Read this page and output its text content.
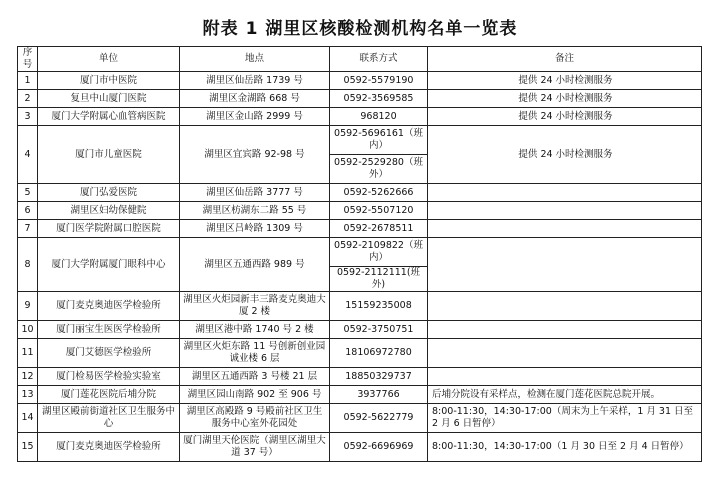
附表 1 湖里区核酸检测机构名单一览表
序号	单位	地点	联系方式	备注
1	厦门市中医院	湖里区仙岳路 1739 号	0592-5579190	提供 24 小时检测服务
2	复旦中山厦门医院	湖里区金湖路 668 号	0592-3569585	提供 24 小时检测服务
3	厦门大学附属心血管病医院	湖里区金山路 2999 号	968120	提供 24 小时检测服务
4	厦门市儿童医院	湖里区宜宾路 92-98 号	0592-5696161（班内）	提供 24 小时检测服务
			0592-2529280（班外）	
5	厦门弘爱医院	湖里区仙岳路 3777 号	0592-5262666	
6	湖里区妇幼保健院	湖里区枋湖东二路 55 号	0592-5507120	
7	厦门医学院附属口腔医院	湖里区吕岭路 1309 号	0592-2678511	
8	厦门大学附属厦门眼科中心	湖里区五通西路 989 号	0592-2109822（班内）	
			0592-2112111(班外)	
9	厦门麦克奥迪医学检验所	湖里区火炬园新丰三路麦克奥迪大厦 2 楼	15159235008	
10	厦门丽宝生医医学检验所	湖里区港中路 1740 号 2 楼	0592-3750751	
11	厦门艾德医学检验所	湖里区火炬东路 11 号创新创业园诚业楼 6 层	18106972780	
12	厦门检易医学检验实验室	湖里区五通西路 3 号楼 21 层	18850329737	
13	厦门莲花医院后埔分院	湖里区园山南路 902 至 906 号	3937766	后埔分院设有采样点，检测在厦门莲花医院总院开展。
14	湖里区殿前街道社区卫生服务中心	湖里区高殿路 9 号殿前社区卫生服务中心室外花园处	0592-5622779	8:00-11:30，14:30-17:00（周末为上午采样，1 月 31 日至 2 月 6 日暂停）
15	厦门麦克奥迪医学检验所	厦门湖里天伦医院（湖里区湖里大道 37 号）	0592-6696969	8:00-11:30，14:30-17:00（1 月 30 日至 2 月 4 日暂停）
